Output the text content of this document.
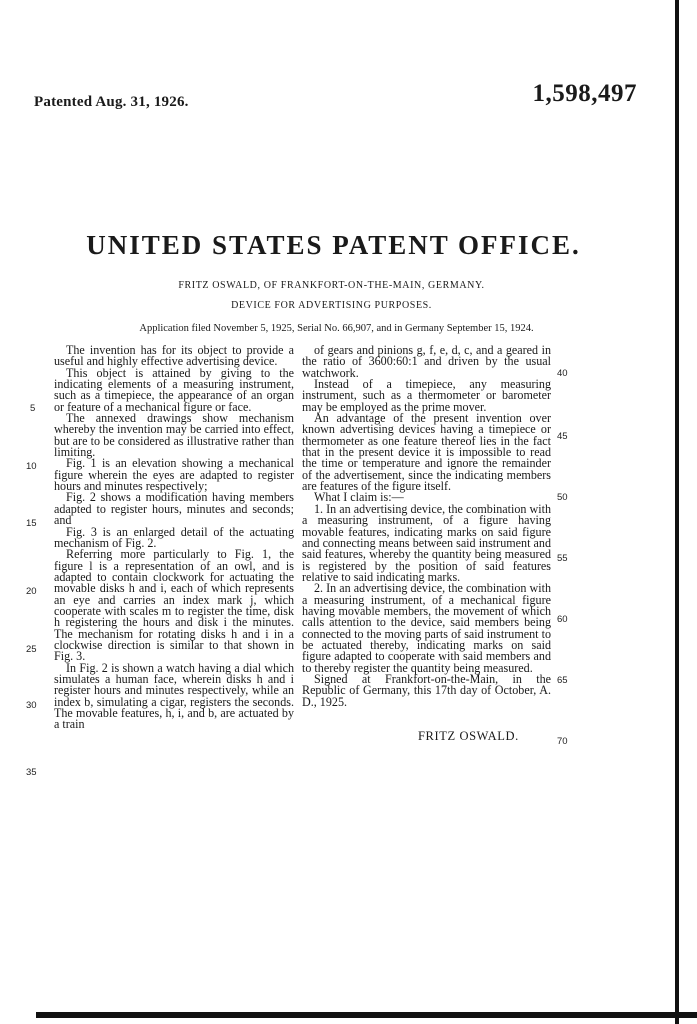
Patented Aug. 31, 1926.	1,598,497
UNITED STATES PATENT OFFICE.
FRITZ OSWALD, OF FRANKFORT-ON-THE-MAIN, GERMANY.
DEVICE FOR ADVERTISING PURPOSES.
Application filed November 5, 1925, Serial No. 66,907, and in Germany September 15, 1924.

The invention has for its object to provide a useful and highly effective advertising device.

This object is attained by giving to the indicating elements of a measuring instrument, such as a timepiece, the appearance of an organ or feature of a mechanical figure or face.

The annexed drawings show mechanism whereby the invention may be carried into effect, but are to be considered as illustrative rather than limiting.

Fig. 1 is an elevation showing a mechanical figure wherein the eyes are adapted to register hours and minutes respectively;

Fig. 2 shows a modification having members adapted to register hours, minutes and seconds; and

Fig. 3 is an enlarged detail of the actuating mechanism of Fig. 2.

Referring more particularly to Fig. 1, the figure l is a representation of an owl, and is adapted to contain clockwork for actuating the movable disks h and i, each of which represents an eye and carries an index mark j, which cooperate with scales m to register the time, disk h registering the hours and disk i the minutes. The mechanism for rotating disks h and i in a clockwise direction is similar to that shown in Fig. 3.

In Fig. 2 is shown a watch having a dial which simulates a human face, wherein disks h and i register hours and minutes respectively, while an index b, simulating a cigar, registers the seconds. The movable features, h, i, and b, are actuated by a train

of gears and pinions g, f, e, d, c, and a geared in the ratio of 3600:60:1 and driven by the usual watchwork.

Instead of a timepiece, any measuring instrument, such as a thermometer or barometer may be employed as the prime mover.

An advantage of the present invention over known advertising devices having a timepiece or thermometer as one feature thereof lies in the fact that in the present device it is impossible to read the time or temperature and ignore the remainder of the advertisement, since the indicating members are features of the figure itself.

What I claim is:—

1. In an advertising device, the combination with a measuring instrument, of a figure having movable features, indicating marks on said figure and connecting means between said instrument and said features, whereby the quantity being measured is registered by the position of said features relative to said indicating marks.

2. In an advertising device, the combination with a measuring instrument, of a mechanical figure having movable members, the movement of which calls attention to the device, said members being connected to the moving parts of said instrument to be actuated thereby, indicating marks on said figure adapted to cooperate with said members and to thereby register the quantity being measured.

Signed at Frankfort-on-the-Main, in the Republic of Germany, this 17th day of October, A. D., 1925.

FRITZ OSWALD.
5
10
15
20
25
30
35
40
45
50
55
60
65
70
